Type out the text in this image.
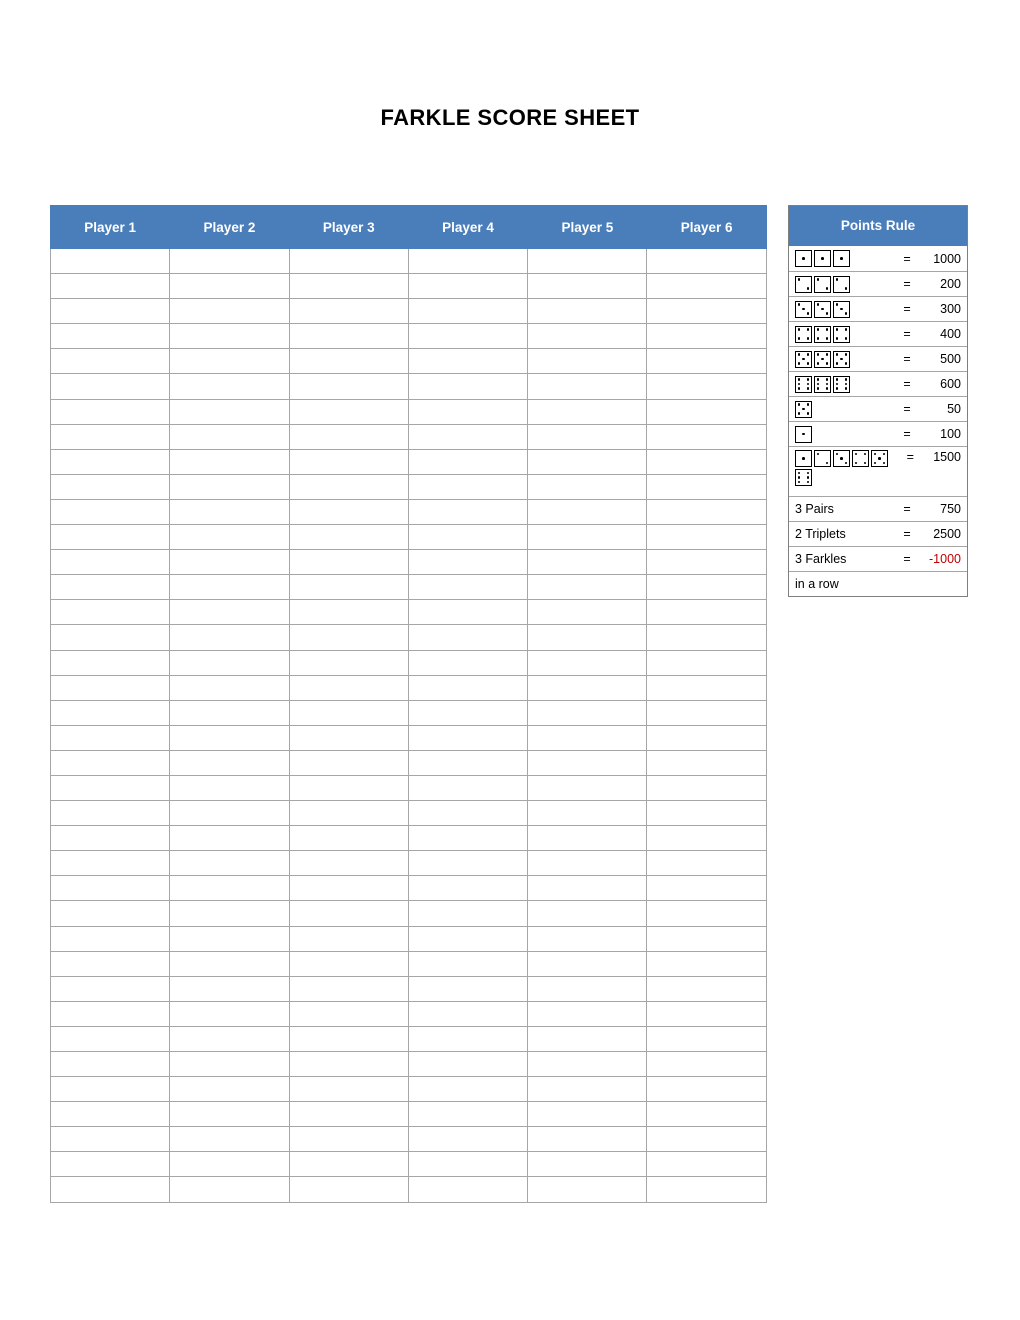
FARKLE SCORE SHEET
Player 1	Player 2	Player 3	Player 4	Player 5	Player 6

						Points Rule
=	1000
=	200
=	300
=	400
=	500
=	600
=	50
=	100
=	1500
3 Pairs	=	750
2 Triplets	=	2500
3 Farkles	=	-1000
in a row
